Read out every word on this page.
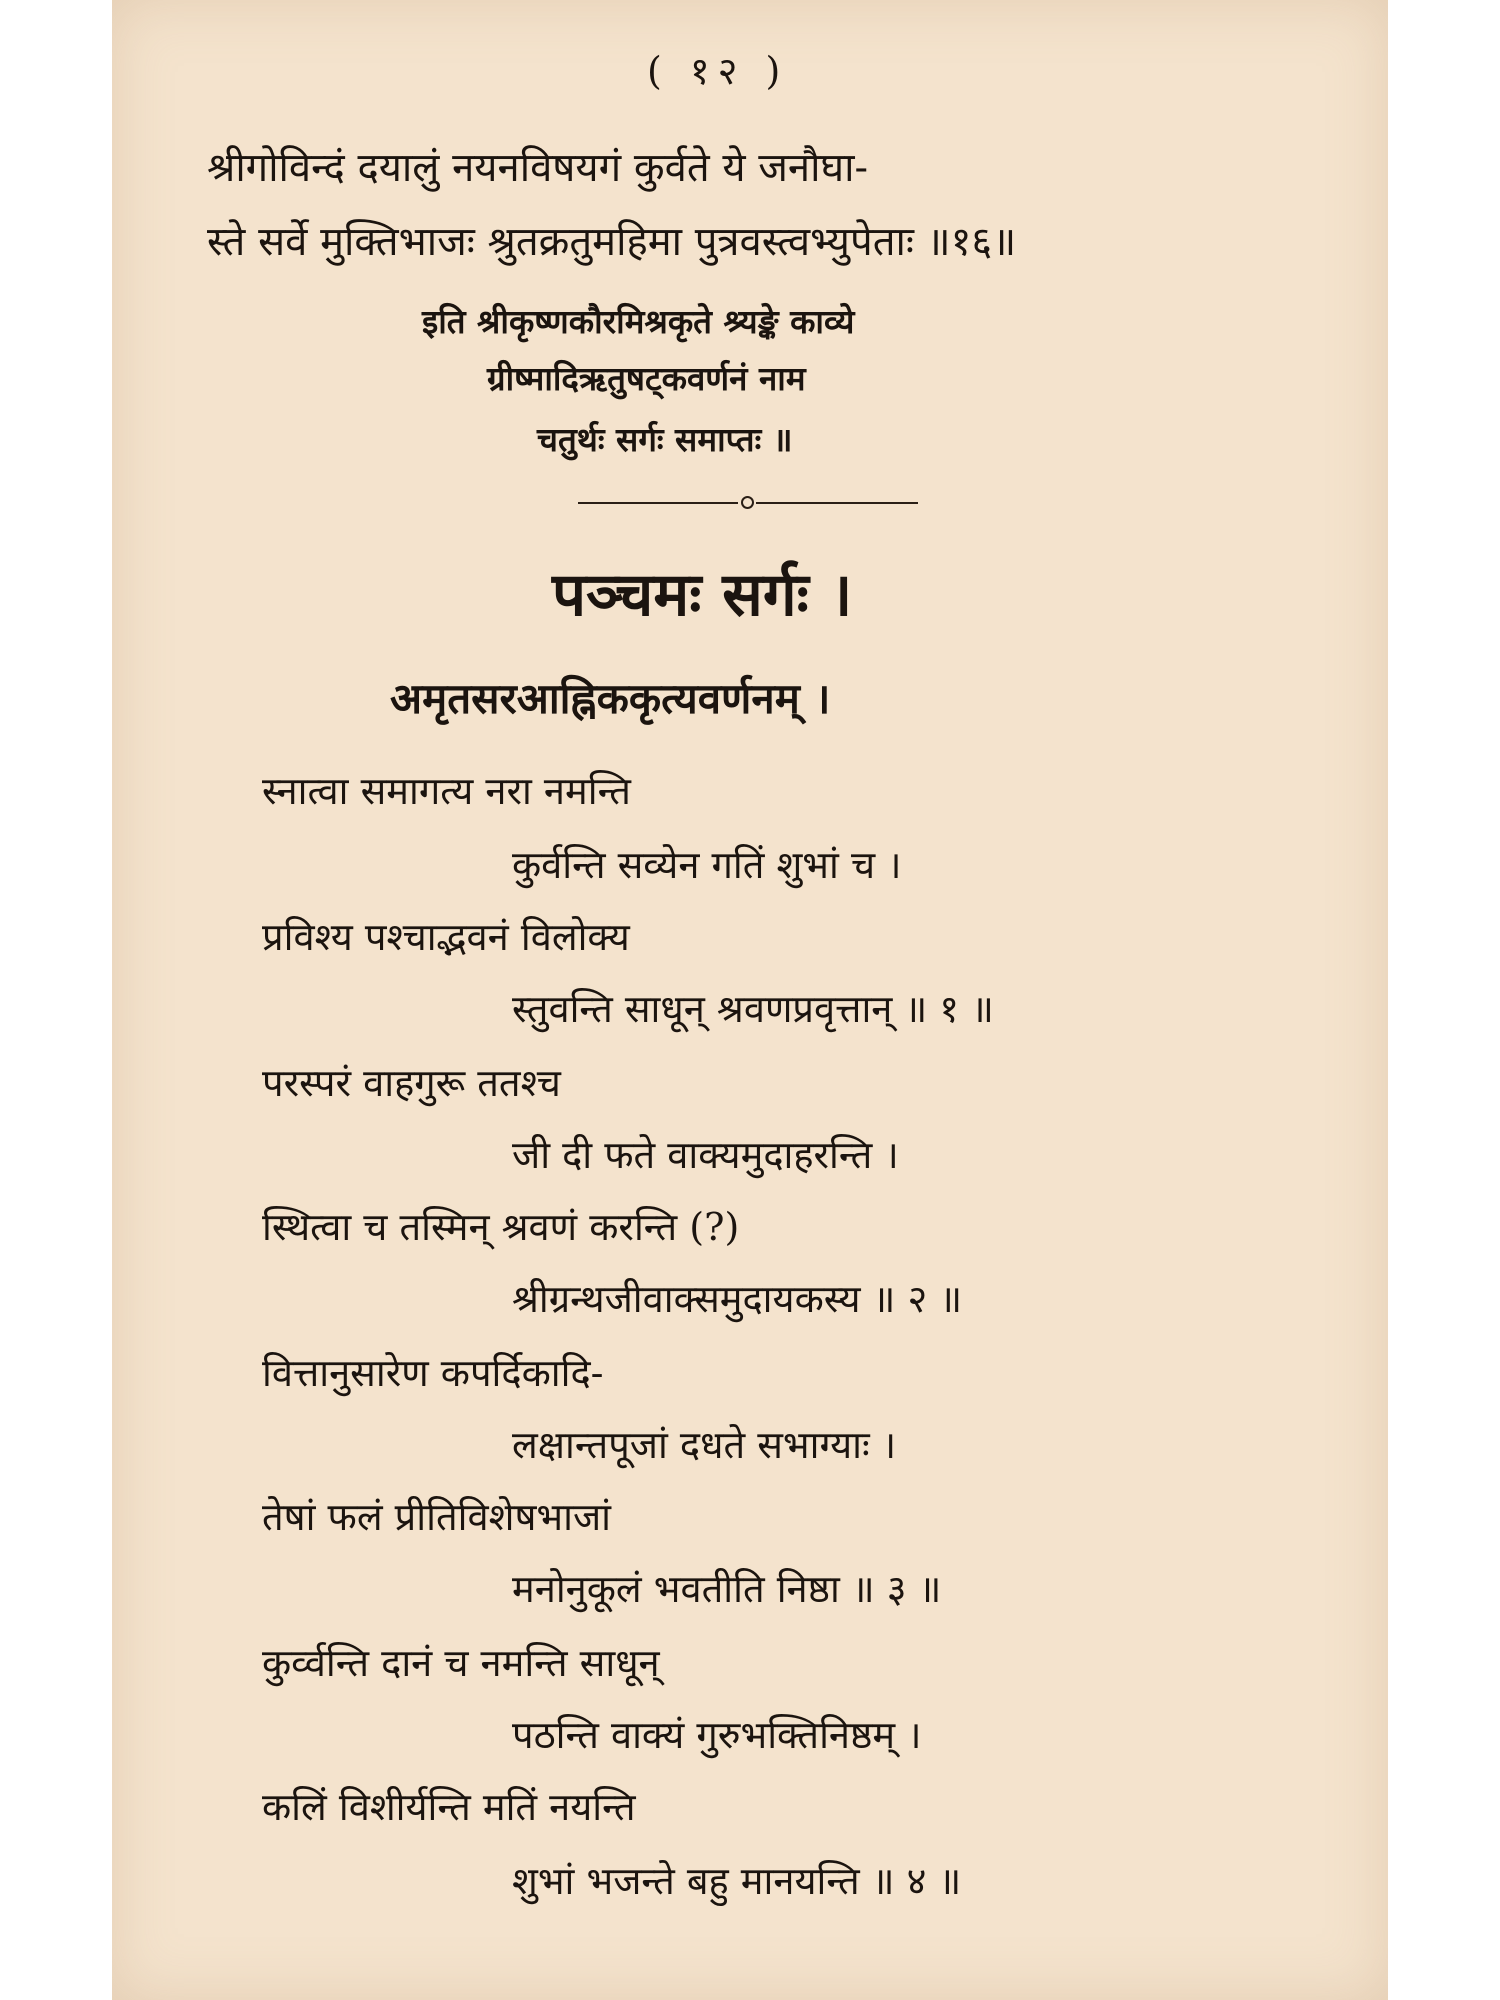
( १२ )

श्रीगोविन्दं दयालुं नयनविषयगं कुर्वते ये जनौघा-

स्ते सर्वे मुक्तिभाजः श्रुतक्रतुमहिमा पुत्रवस्त्वभ्युपेताः ॥१६॥

इति श्रीकृष्णकौरमिश्रकृते श्र्यङ्के काव्ये

ग्रीष्मादिऋतुषट्कवर्णनं नाम

चतुर्थः सर्गः समाप्तः ॥

पञ्चमः सर्गः ।

अमृतसरआह्निककृत्यवर्णनम् ।

स्नात्वा समागत्य नरा नमन्ति

कुर्वन्ति सव्येन गतिं शुभां च ।

प्रविश्य पश्चाद्भवनं विलोक्य

स्तुवन्ति साधून् श्रवणप्रवृत्तान् ॥ १ ॥

परस्परं वाहगुरू ततश्च

जी दी फते वाक्यमुदाहरन्ति ।

स्थित्वा च तस्मिन् श्रवणं करन्ति (?)

श्रीग्रन्थजीवाक्समुदायकस्य ॥ २ ॥

वित्तानुसारेण कपर्दिकादि-

लक्षान्तपूजां दधते सभाग्याः ।

तेषां फलं प्रीतिविशेषभाजां

मनोनुकूलं भवतीति निष्ठा ॥ ३ ॥

कुर्व्वन्ति दानं च नमन्ति साधून्

पठन्ति वाक्यं गुरुभक्तिनिष्ठम् ।

कलिं विशीर्यन्ति मतिं नयन्ति

शुभां भजन्ते बहु मानयन्ति ॥ ४ ॥
